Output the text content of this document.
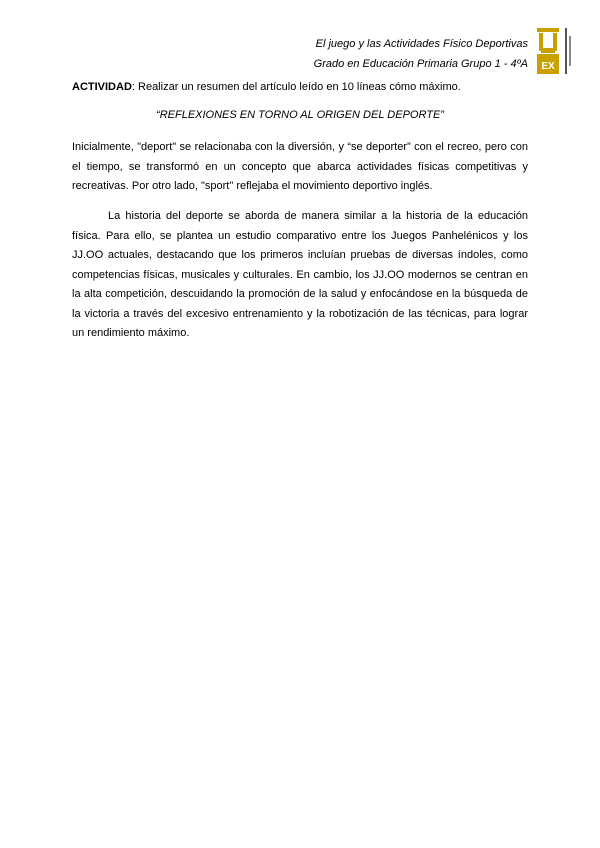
El juego y las Actividades Físico Deportivas
Grado en Educación Primaria Grupo 1 - 4ºA EX
ACTIVIDAD: Realizar un resumen del artículo leído en 10 líneas cómo máximo.
“REFLEXIONES EN TORNO AL ORIGEN DEL DEPORTE”

Inicialmente, "deport" se relacionaba con la diversión, y “se deporter” con el recreo, pero con el tiempo, se transformó en un concepto que abarca actividades físicas competitivas y recreativas. Por otro lado, "sport" reflejaba el movimiento deportivo inglés.

La historia del deporte se aborda de manera similar a la historia de la educación física. Para ello, se plantea un estudio comparativo entre los Juegos Panhelénicos y los JJ.OO actuales, destacando que los primeros incluían pruebas de diversas índoles, como competencias físicas, musicales y culturales. En cambio, los JJ.OO modernos se centran en la alta competición, descuidando la promoción de la salud y enfocándose en la búsqueda de la victoria a través del excesivo entrenamiento y la robotización de las técnicas, para lograr un rendimiento máximo.
